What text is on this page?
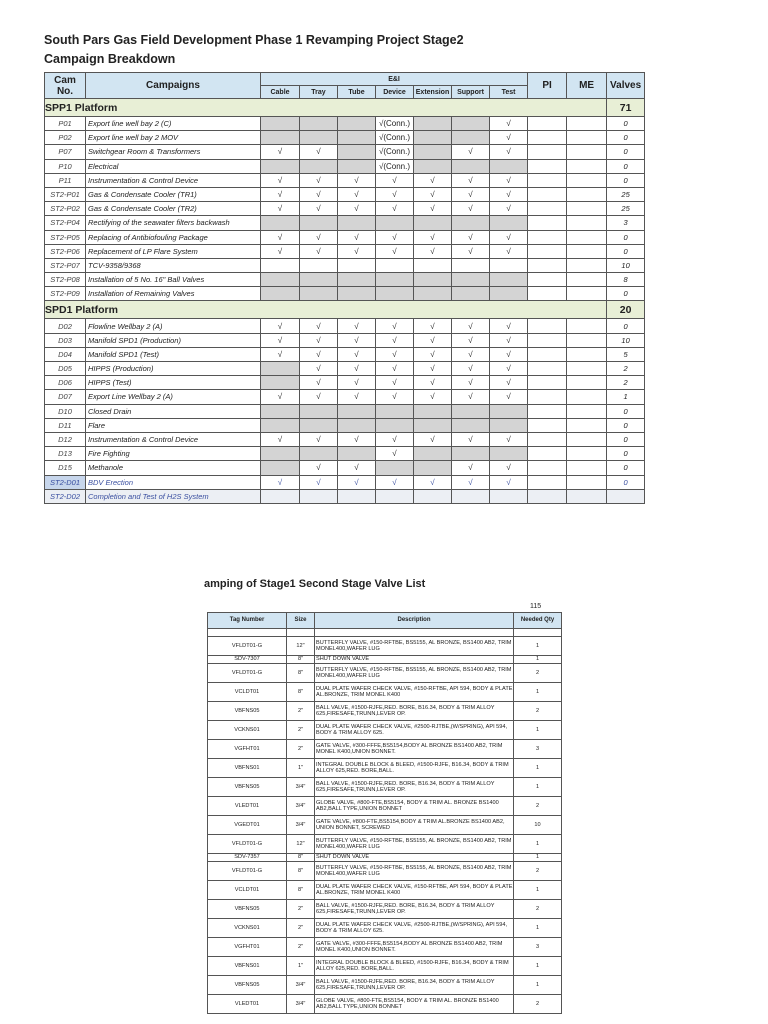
South Pars Gas Field Development Phase 1 Revamping Project Stage2
Campaign Breakdown
Cam No.	Campaigns	E&I							PI	ME	Valves
		Cable	Tray	Tube	Device	Extension	Support	Test			
SPP1 Platform											71
P01	Export line well bay 2 (C)				√(Conn.)			√			0
P02	Export line well bay 2 MOV				√(Conn.)			√			0
P07	Switchgear Room & Transformers	√	√		√(Conn.)		√	√			0
P10	Electrical				√(Conn.)						0
P11	Instrumentation & Control Device	√	√	√	√	√	√	√			0
ST2-P01	Gas & Condensate Cooler (TR1)	√	√	√	√	√	√	√			25
ST2-P02	Gas & Condensate Cooler (TR2)	√	√	√	√	√	√	√			25
ST2-P04	Rectifying of the seawater filters backwash										3
ST2-P05	Replacing of Antibiofouling Package	√	√	√	√	√	√	√			0
ST2-P06	Replacement of LP Flare System	√	√	√	√	√	√	√			0
ST2-P07	TCV-9358/9368										10
ST2-P08	Installation of 5 No. 16" Ball Valves										8
ST2-P09	Installation of Remaining Valves										0
SPD1 Platform											20
D02	Flowline Wellbay 2 (A)	√	√	√	√	√	√	√			0
D03	Manifold SPD1 (Production)	√	√	√	√	√	√	√			10
D04	Manifold SPD1 (Test)	√	√	√	√	√	√	√			5
D05	HIPPS (Production)		√	√	√	√	√	√			2
D06	HIPPS (Test)		√	√	√	√	√	√			2
D07	Export Line Wellbay 2 (A)	√	√	√	√	√	√	√			1
D10	Closed Drain										0
D11	Flare										0
D12	Instrumentation & Control Device	√	√	√	√	√	√	√			0
D13	Fire Fighting				√						0
D15	Methanole		√	√			√	√			0
ST2-D01	BDV Erection	√	√	√	√	√	√	√			0
ST2-D02	Completion and Test of H2S System										
amping of Stage1 Second Stage Valve List
115
Tag Number	Size	Description	Needed Qty

VFLDT01-G	12"	BUTTERFLY VALVE, #150-RFTBE, BS5155, AL BRONZE, BS1400 AB2, TRIM MONEL400,WAFER LUG	1
SDV-7307	8"	SHUT DOWN VALVE	1
VFLDT01-G	8"	BUTTERFLY VALVE, #150-RFTBE, BS5155, AL BRONZE, BS1400 AB2, TRIM MONEL400,WAFER LUG	2
VCLDT01	8"	DUAL PLATE WAFER CHECK VALVE, #150-RFTBE, API 594, BODY & PLATE AL.BRONZE, TRIM MONEL K400	1
VBFNS05	2"	BALL VALVE, #1500-RJFE,RED. BORE, B16.34, BODY & TRIM ALLOY 625,FIRESAFE,TRUNN,LEVER OP.	2
VCKNS01	2"	DUAL PLATE WAFER CHECK VALVE, #2500-RJTBE,(W/SPRING), API 594, BODY & TRIM ALLOY 625.	1
VGFHT01	2"	GATE VALVE, #300-FFFE,BS5154,BODY AL BRONZE BS1400 AB2, TRIM MONEL K400,UNION BONNET.	3
VBFNS01	1"	INTEGRAL DOUBLE BLOCK & BLEED, #1500-RJFE, B16.34, BODY & TRIM ALLOY 625,RED. BORE,BALL.	1
VBFNS05	3/4"	BALL VALVE, #1500-RJFE,RED. BORE, B16.34, BODY & TRIM ALLOY 625,FIRESAFE,TRUNN,LEVER OP.	1
VLEDT01	3/4"	GLOBE VALVE, #800-FTE,BS5154, BODY & TRIM AL. BRONZE BS1400 AB2,BALL TYPE,UNION BONNET	2
VGEDT01	3/4"	GATE VALVE, #800-FTE,BS5154,BODY & TRIM AL.BRONZE BS1400 AB2, UNION BONNET, SCREWED	10
VFLDT01-G	12"	BUTTERFLY VALVE, #150-RFTBE, BS5155, AL BRONZE, BS1400 AB2, TRIM MONEL400,WAFER LUG	1
SDV-7357	8"	SHUT DOWN VALVE	1
VFLDT01-G	8"	BUTTERFLY VALVE, #150-RFTBE, BS5155, AL BRONZE, BS1400 AB2, TRIM MONEL400,WAFER LUG	2
VCLDT01	8"	DUAL PLATE WAFER CHECK VALVE, #150-RFTBE, API 594, BODY & PLATE AL.BRONZE, TRIM MONEL K400	1
VBFNS05	2"	BALL VALVE, #1500-RJFE,RED. BORE, B16.34, BODY & TRIM ALLOY 625,FIRESAFE,TRUNN,LEVER OP.	2
VCKNS01	2"	DUAL PLATE WAFER CHECK VALVE, #2500-RJTBE,(W/SPRING), API 594, BODY & TRIM ALLOY 625.	1
VGFHT01	2"	GATE VALVE, #300-FFFE,BS5154,BODY AL BRONZE BS1400 AB2, TRIM MONEL K400,UNION BONNET.	3
VBFNS01	1"	INTEGRAL DOUBLE BLOCK & BLEED, #1500-RJFE, B16.34, BODY & TRIM ALLOY 625,RED. BORE,BALL.	1
VBFNS05	3/4"	BALL VALVE, #1500-RJFE,RED. BORE, B16.34, BODY & TRIM ALLOY 625,FIRESAFE,TRUNN,LEVER OP.	1
VLEDT01	3/4"	GLOBE VALVE, #800-FTE,BS5154, BODY & TRIM AL. BRONZE BS1400 AB2,BALL TYPE,UNION BONNET	2
